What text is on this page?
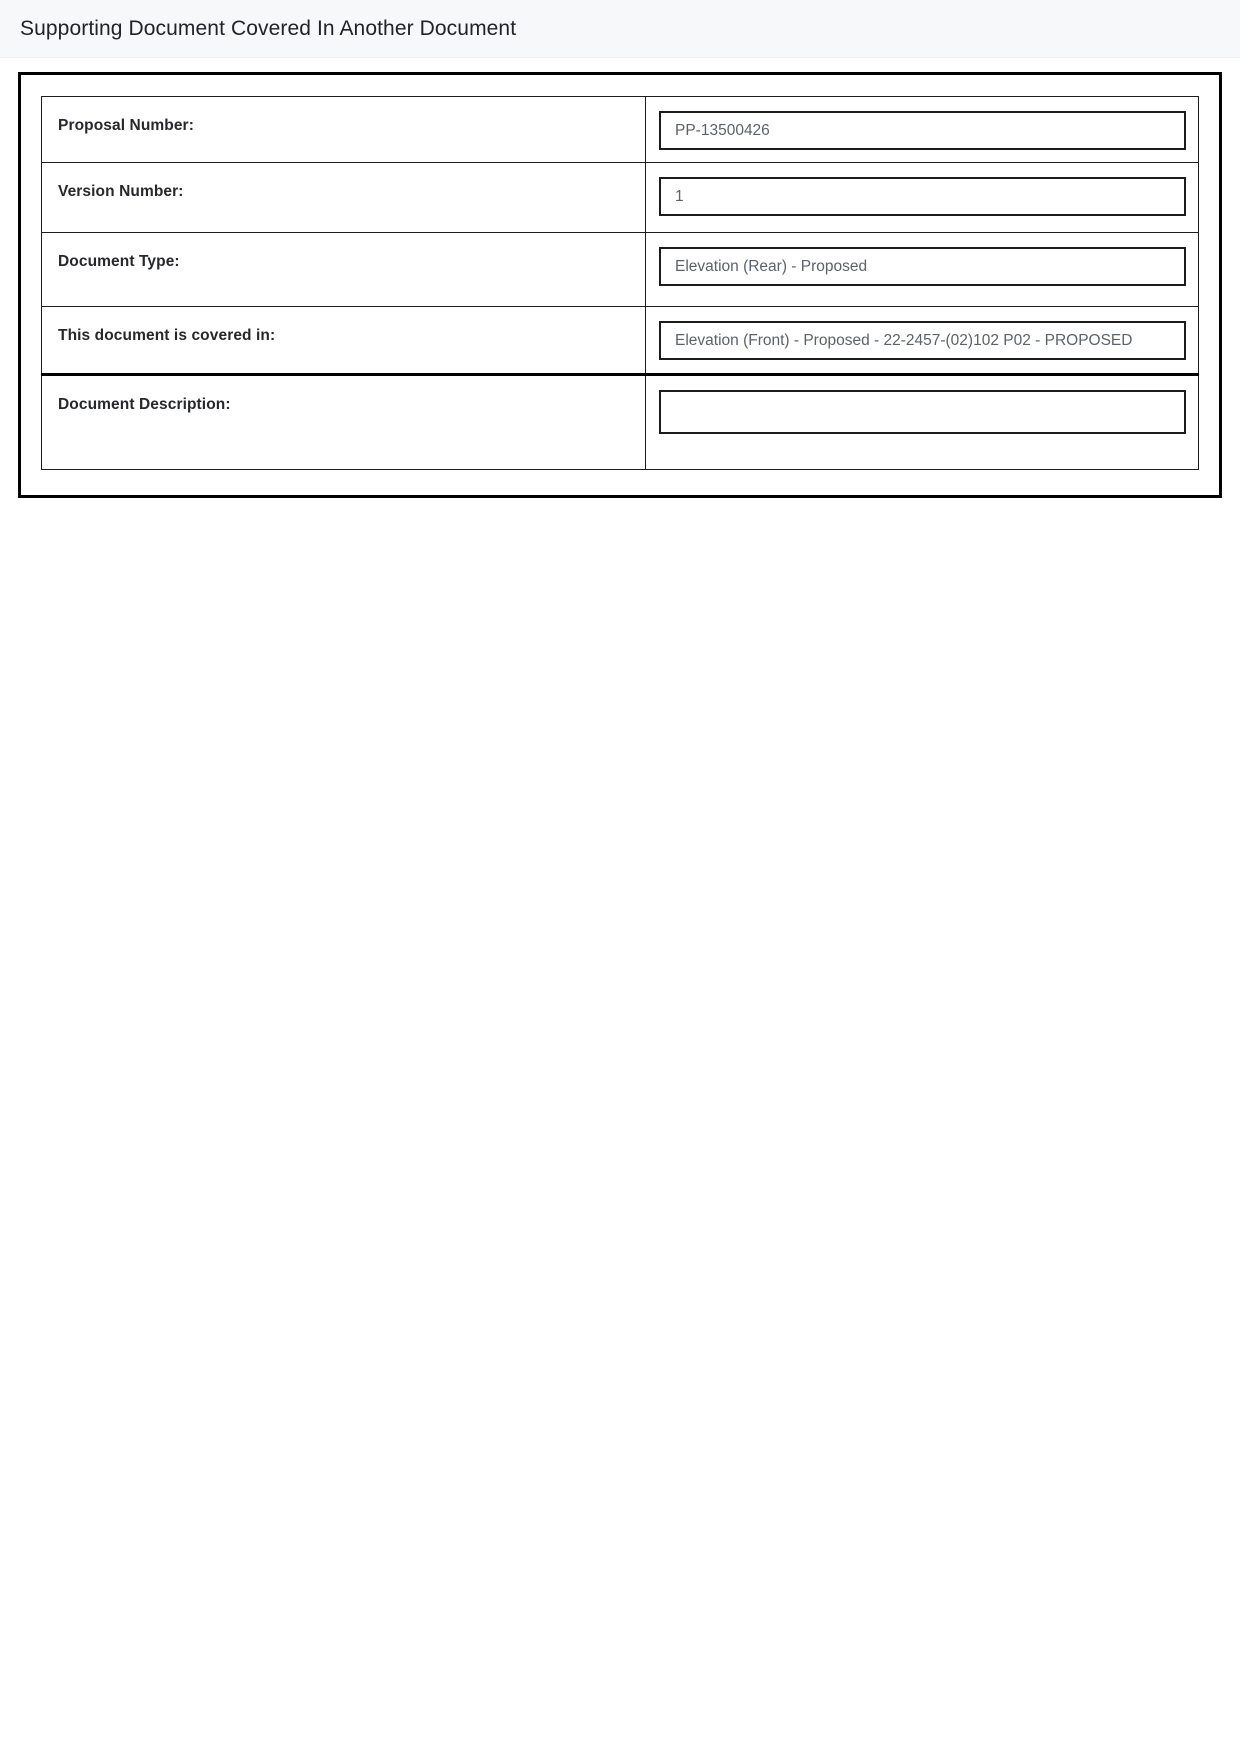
Supporting Document Covered In Another Document
Proposal Number:	PP-13500426

Version Number:	1

Document Type:	Elevation (Rear) - Proposed

This document is covered in:	Elevation (Front) - Proposed - 22-2457-(02)102 P02 - PROPOSED

Document Description:	
